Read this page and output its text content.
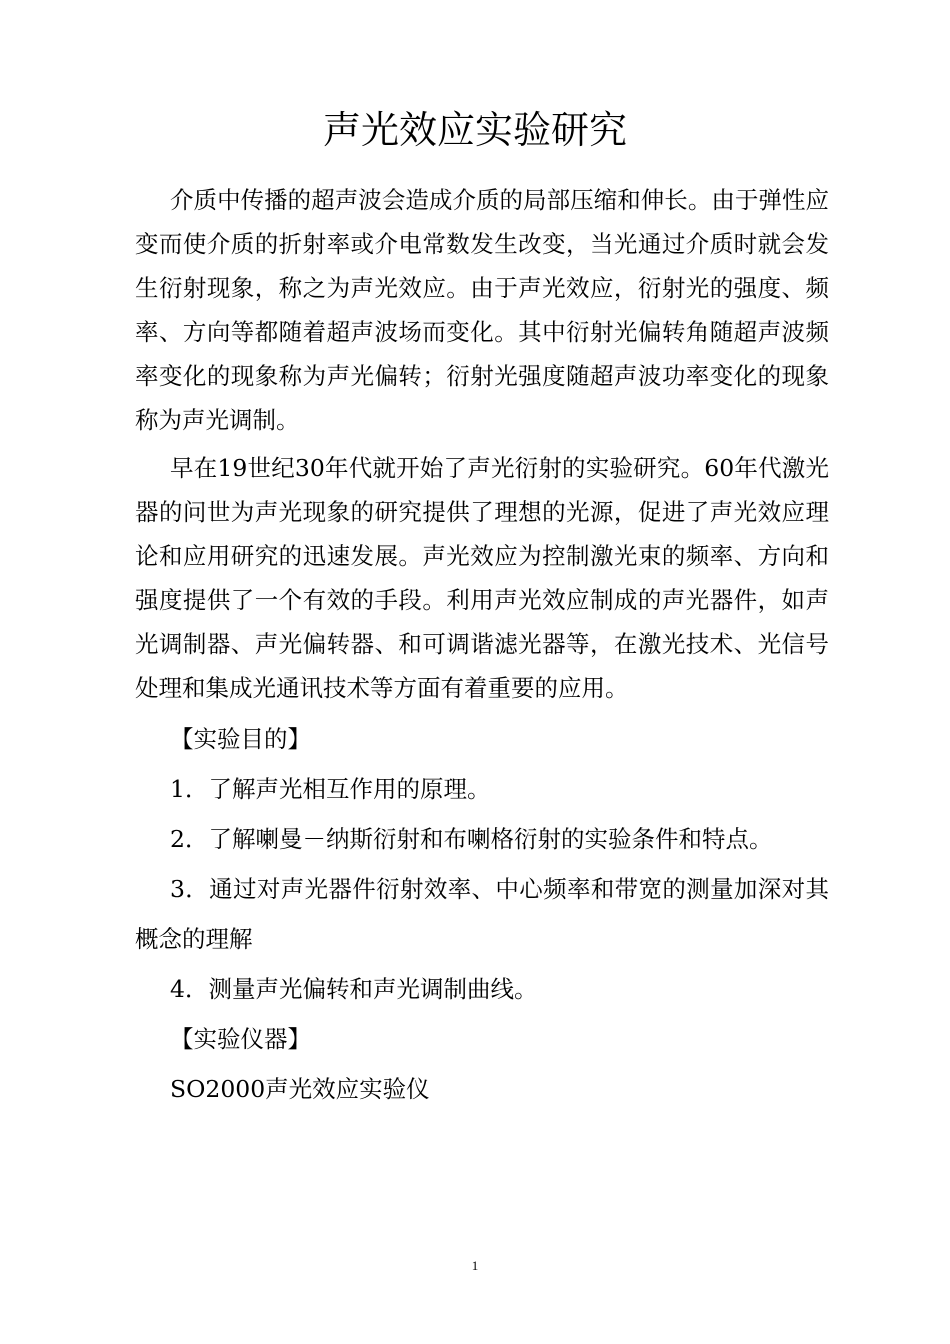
声光效应实验研究

介质中传播的超声波会造成介质的局部压缩和伸长。由于弹性应变而使介质的折射率或介电常数发生改变，当光通过介质时就会发生衍射现象，称之为声光效应。由于声光效应，衍射光的强度、频率、方向等都随着超声波场而变化。其中衍射光偏转角随超声波频率变化的现象称为声光偏转；衍射光强度随超声波功率变化的现象称为声光调制。

早在19世纪30年代就开始了声光衍射的实验研究。60年代激光器的问世为声光现象的研究提供了理想的光源，促进了声光效应理论和应用研究的迅速发展。声光效应为控制激光束的频率、方向和强度提供了一个有效的手段。利用声光效应制成的声光器件，如声光调制器、声光偏转器、和可调谐滤光器等，在激光技术、光信号处理和集成光通讯技术等方面有着重要的应用。

【实验目的】

1．了解声光相互作用的原理。

2．了解喇曼－纳斯衍射和布喇格衍射的实验条件和特点。

3．通过对声光器件衍射效率、中心频率和带宽的测量加深对其概念的理解

4．测量声光偏转和声光调制曲线。

【实验仪器】

SO2000声光效应实验仪

1
